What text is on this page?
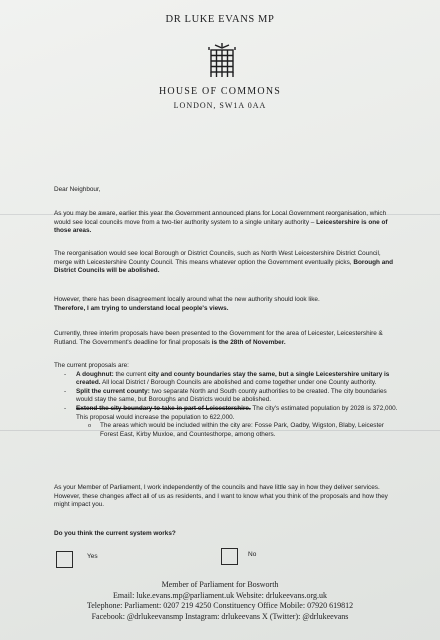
DR LUKE EVANS MP
HOUSE OF COMMONS
LONDON, SW1A 0AA

Dear Neighbour,

As you may be aware, earlier this year the Government announced plans for Local Government reorganisation, which would see local councils move from a two-tier authority system to a single unitary authority – Leicestershire is one of those areas.

The reorganisation would see local Borough or District Councils, such as North West Leicestershire District Council, merge with Leicestershire County Council. This means whatever option the Government eventually picks, Borough and District Councils will be abolished.

However, there has been disagreement locally around what the new authority should look like.
Therefore, I am trying to understand local people's views.

Currently, three interim proposals have been presented to the Government for the area of Leicester, Leicestershire & Rutland. The Government's deadline for final proposals is the 28th of November.

The current proposals are:

- A doughnut: the current city and county boundaries stay the same, but a single Leicestershire unitary is created. All local District / Borough Councils are abolished and come together under one County authority.
- Split the current county: two separate North and South county authorities to be created. The city boundaries would stay the same, but Boroughs and Districts would be abolished.
- Extend the city boundary to take in part of Leicestershire. The city's estimated population by 2028 is 372,000. This proposal would increase the population to 622,000.
o The areas which would be included within the city are: Fosse Park, Oadby, Wigston, Blaby, Leicester Forest East, Kirby Muxloe, and Countesthorpe, among others.

As your Member of Parliament, I work independently of the councils and have little say in how they deliver services. However, these changes affect all of us as residents, and I want to know what you think of the proposals and how they might impact you.

Do you think the current system works?

Yes	No
Member of Parliament for Bosworth
Email: luke.evans.mp@parliament.uk Website: drlukeevans.org.uk
Telephone: Parliament: 0207 219 4250 Constituency Office Mobile: 07920 619812
Facebook: @drlukeevansmp Instagram: drlukeevans X (Twitter): @drlukeevans
